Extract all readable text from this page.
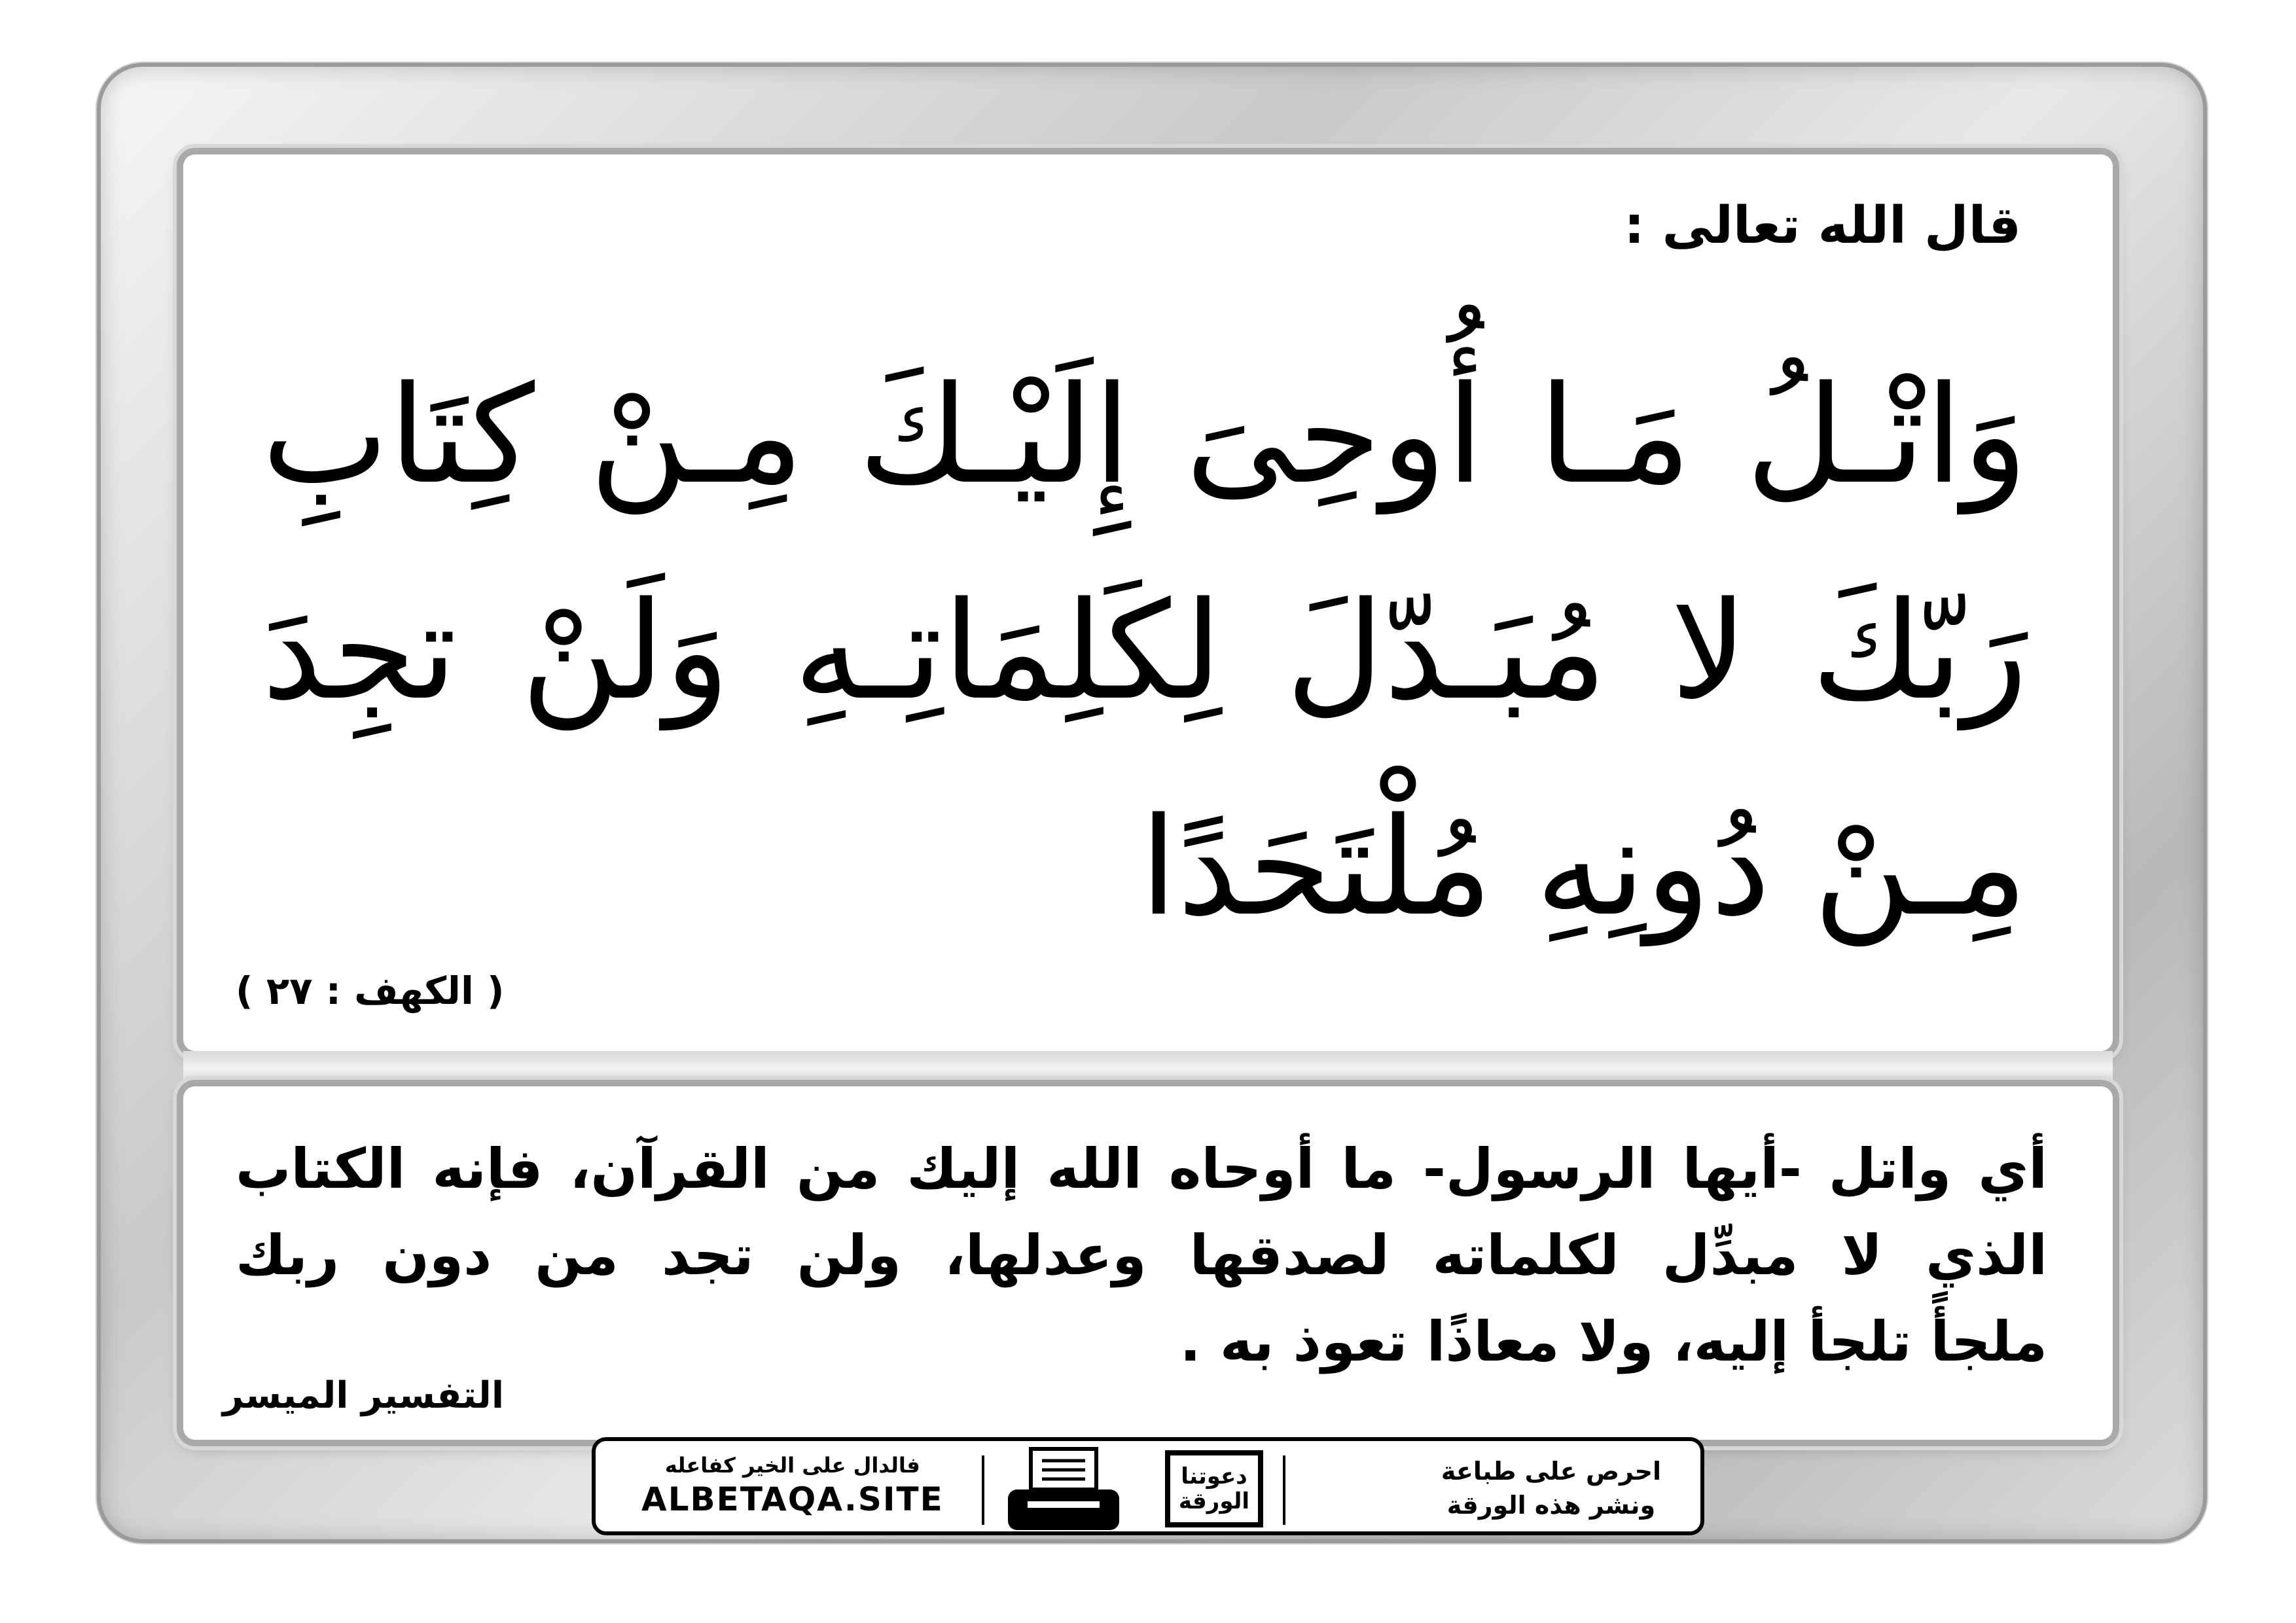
قال الله تعالى :
وَاتْـلُ مَـا أُوحِىَ إِلَيْـكَ مِـنْ كِتَابِ
رَبّكَ لا مُبَـدّلَ لِكَلِمَاتِـهِ وَلَنْ تجِدَ
مِـنْ دُونِهِ مُلْتَحَدًا
( الكهف : ٢٧ )
أي واتل -أيها الرسول- ما أوحاه الله إليك من القرآن، فإنه الكتاب
الذي لا مبدِّل لكلماته لصدقها وعدلها، ولن تجد من دون ربك
ملجأً تلجأ إليه، ولا معاذًا تعوذ به .
التفسير الميسر
احرص على طباعة
ونشر هذه الورقة
دعوتنا الورقة
فالدال على الخير كفاعله
ALBETAQA.SITE
